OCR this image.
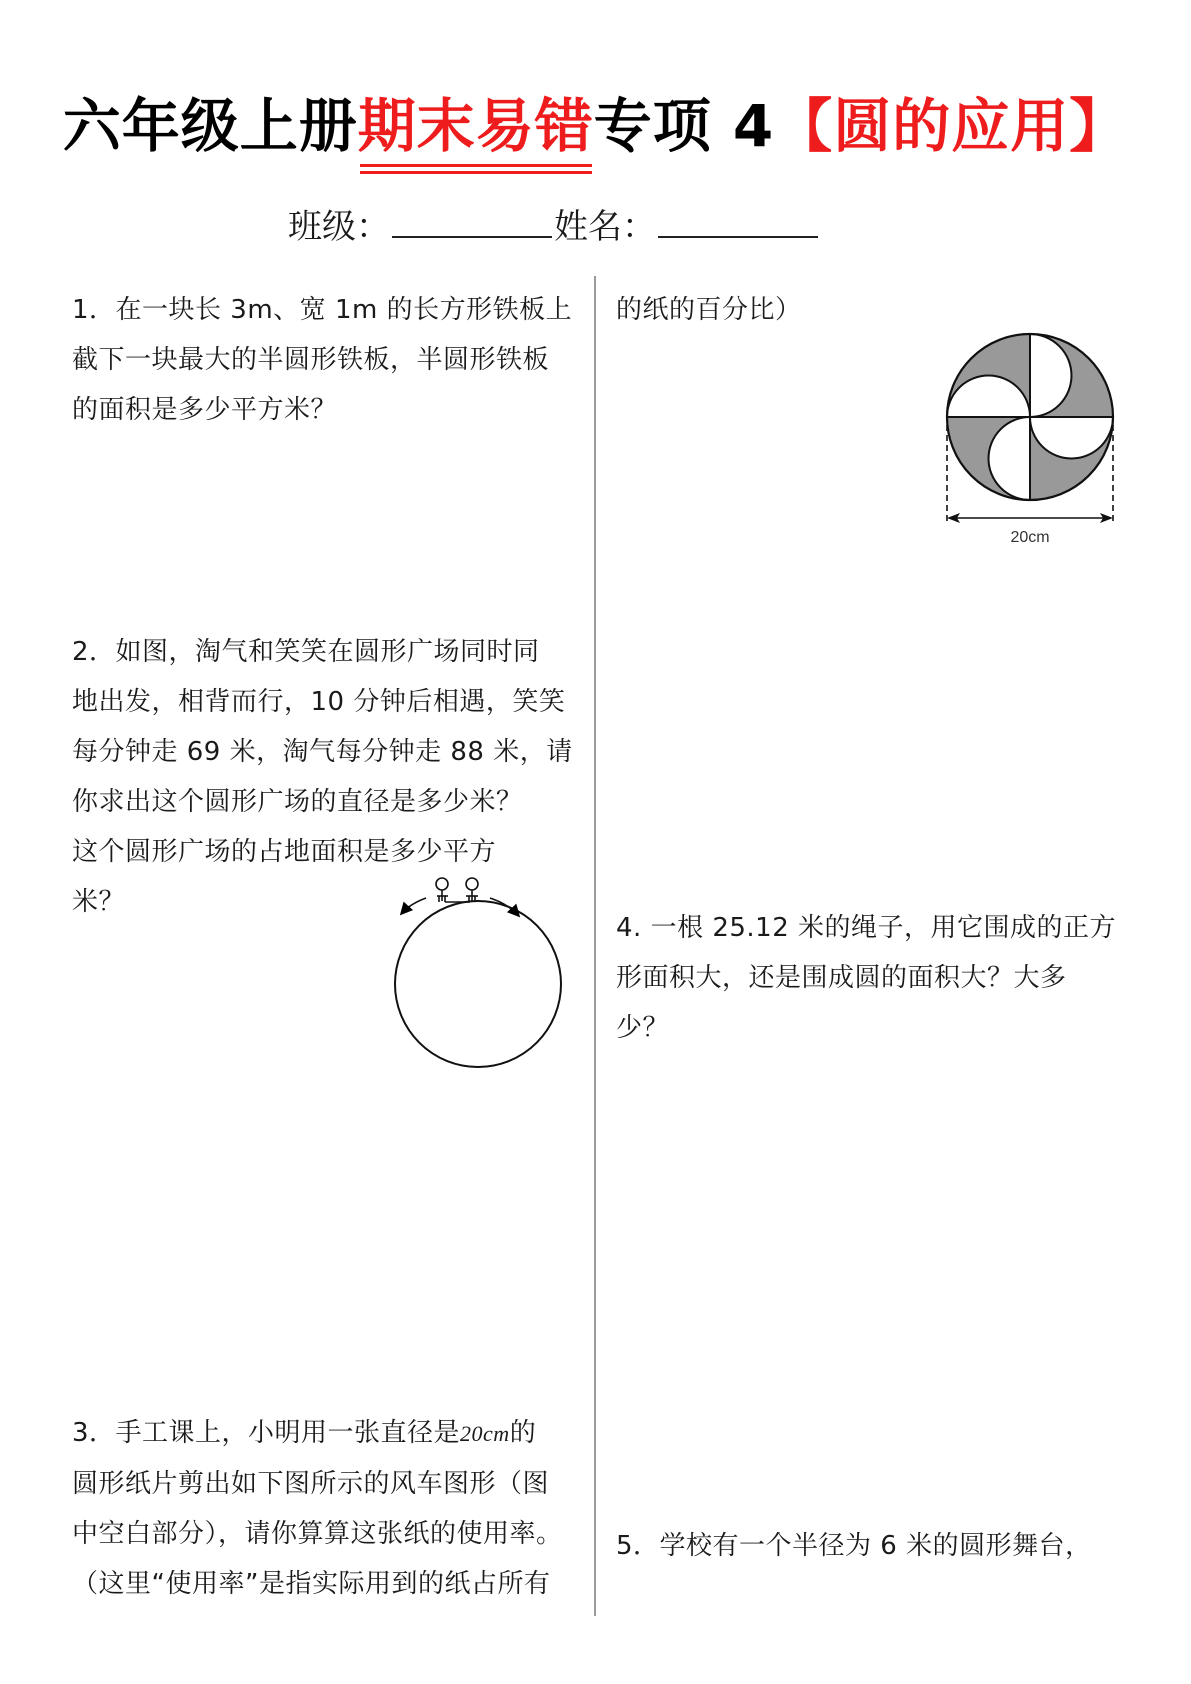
六年级上册期末易错专项 4【圆的应用】
班级：	姓名：
1．在一块长 3m、宽 1m 的长方形铁板上
截下一块最大的半圆形铁板，半圆形铁板
的面积是多少平方米？
2．如图，淘气和笑笑在圆形广场同时同
地出发，相背而行，10 分钟后相遇，笑笑
每分钟走 69 米，淘气每分钟走 88 米，请
你求出这个圆形广场的直径是多少米？
这个圆形广场的占地面积是多少平方
米？
3．手工课上，小明用一张直径是20cm的
圆形纸片剪出如下图所示的风车图形（图
中空白部分），请你算算这张纸的使用率。
（这里“使用率”是指实际用到的纸占所有
的纸的百分比）
20cm
4. 一根 25.12 米的绳子，用它围成的正方
形面积大，还是围成圆的面积大？大多
少？
5．学校有一个半径为 6 米的圆形舞台，
